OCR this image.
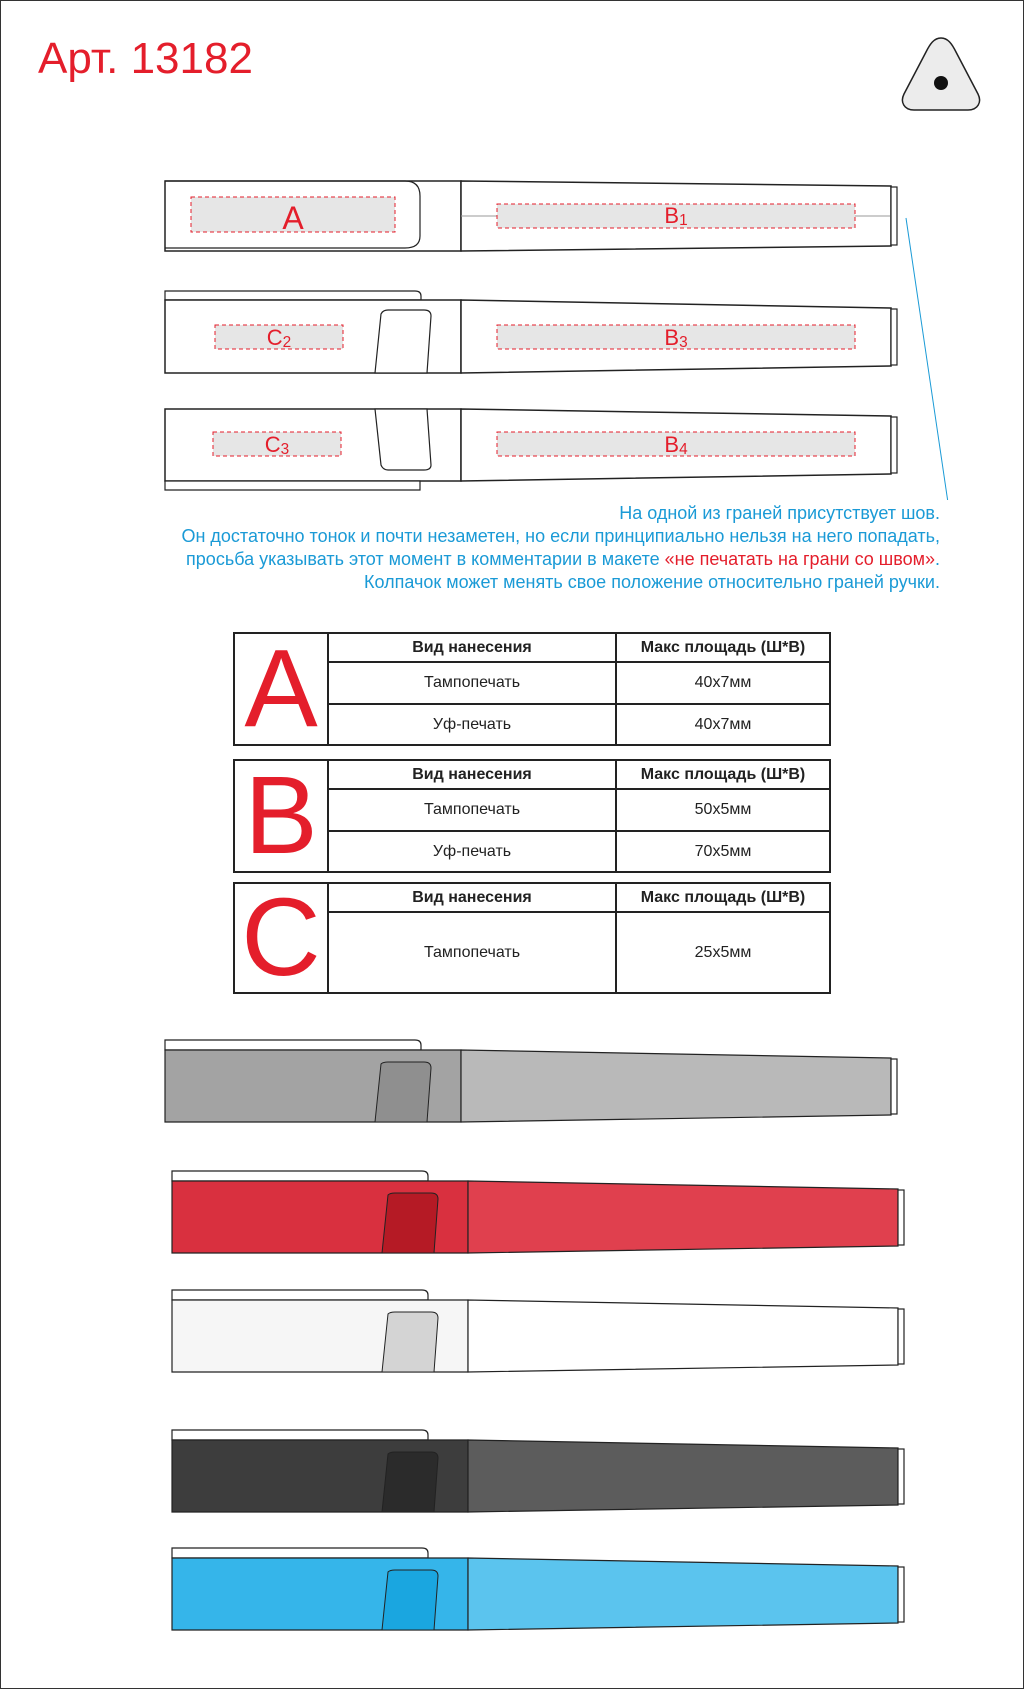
Арт. 13182
A	B1
C2	B3
C3	B4
На одной из граней присутствует шов.
Он достаточно тонок и почти незаметен, но если принципиально нельзя на него попадать,
просьба указывать этот момент в комментарии в макете «не печатать на грани со швом».
Колпачок может менять свое положение относительно граней ручки.
A	Вид нанесения	Макс площадь (Ш*В)
Тампопечать	40х7мм
Уф-печать	40х7мм
B	Вид нанесения	Макс площадь (Ш*В)
Тампопечать	50х5мм
Уф-печать	70х5мм
C	Вид нанесения	Макс площадь (Ш*В)
Тампопечать	25х5мм
